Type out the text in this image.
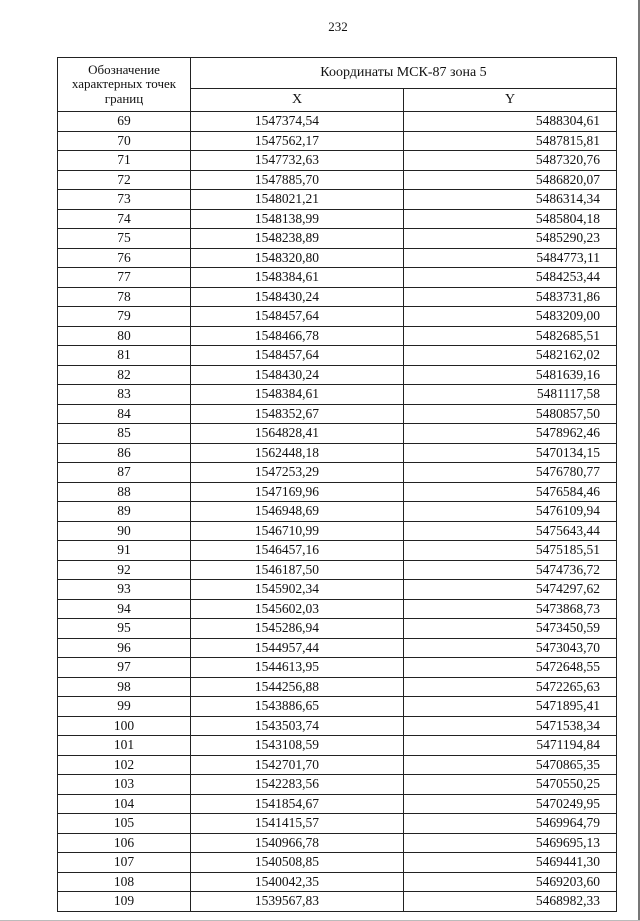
232
Обозначение характерных точек границ	Координаты МСК-87 зона 5	
	X	Y
69	1547374,54	5488304,61
70	1547562,17	5487815,81
71	1547732,63	5487320,76
72	1547885,70	5486820,07
73	1548021,21	5486314,34
74	1548138,99	5485804,18
75	1548238,89	5485290,23
76	1548320,80	5484773,11
77	1548384,61	5484253,44
78	1548430,24	5483731,86
79	1548457,64	5483209,00
80	1548466,78	5482685,51
81	1548457,64	5482162,02
82	1548430,24	5481639,16
83	1548384,61	5481117,58
84	1548352,67	5480857,50
85	1564828,41	5478962,46
86	1562448,18	5470134,15
87	1547253,29	5476780,77
88	1547169,96	5476584,46
89	1546948,69	5476109,94
90	1546710,99	5475643,44
91	1546457,16	5475185,51
92	1546187,50	5474736,72
93	1545902,34	5474297,62
94	1545602,03	5473868,73
95	1545286,94	5473450,59
96	1544957,44	5473043,70
97	1544613,95	5472648,55
98	1544256,88	5472265,63
99	1543886,65	5471895,41
100	1543503,74	5471538,34
101	1543108,59	5471194,84
102	1542701,70	5470865,35
103	1542283,56	5470550,25
104	1541854,67	5470249,95
105	1541415,57	5469964,79
106	1540966,78	5469695,13
107	1540508,85	5469441,30
108	1540042,35	5469203,60
109	1539567,83	5468982,33
